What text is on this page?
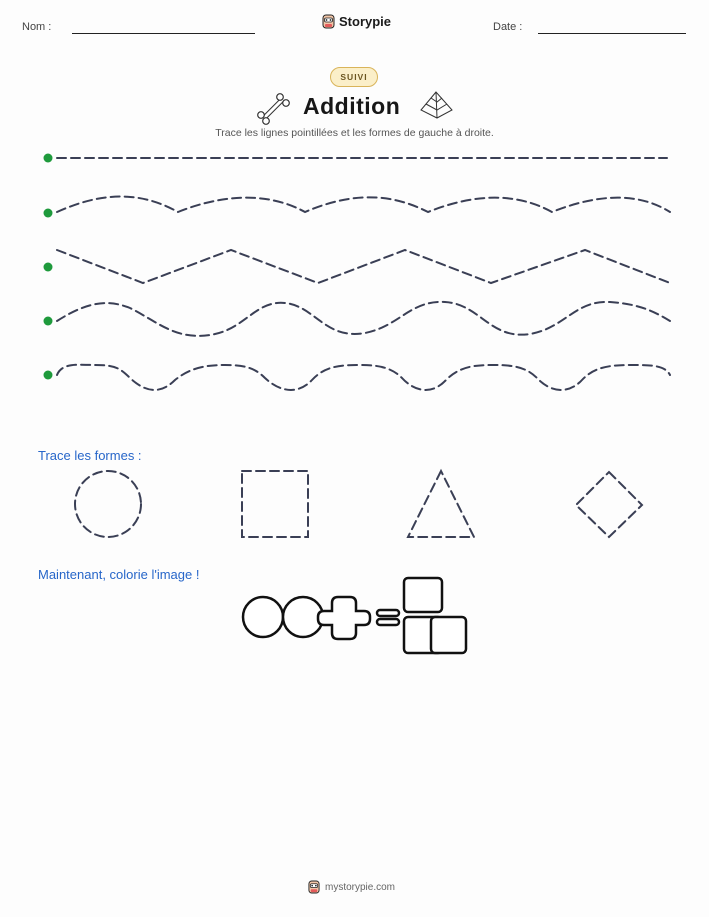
Nom :	Storypie	Date :
SUIVI
Addition
Trace les lignes pointillées et les formes de gauche à droite.
Trace les formes :
Maintenant, colorie l'image !
mystorypie.com
